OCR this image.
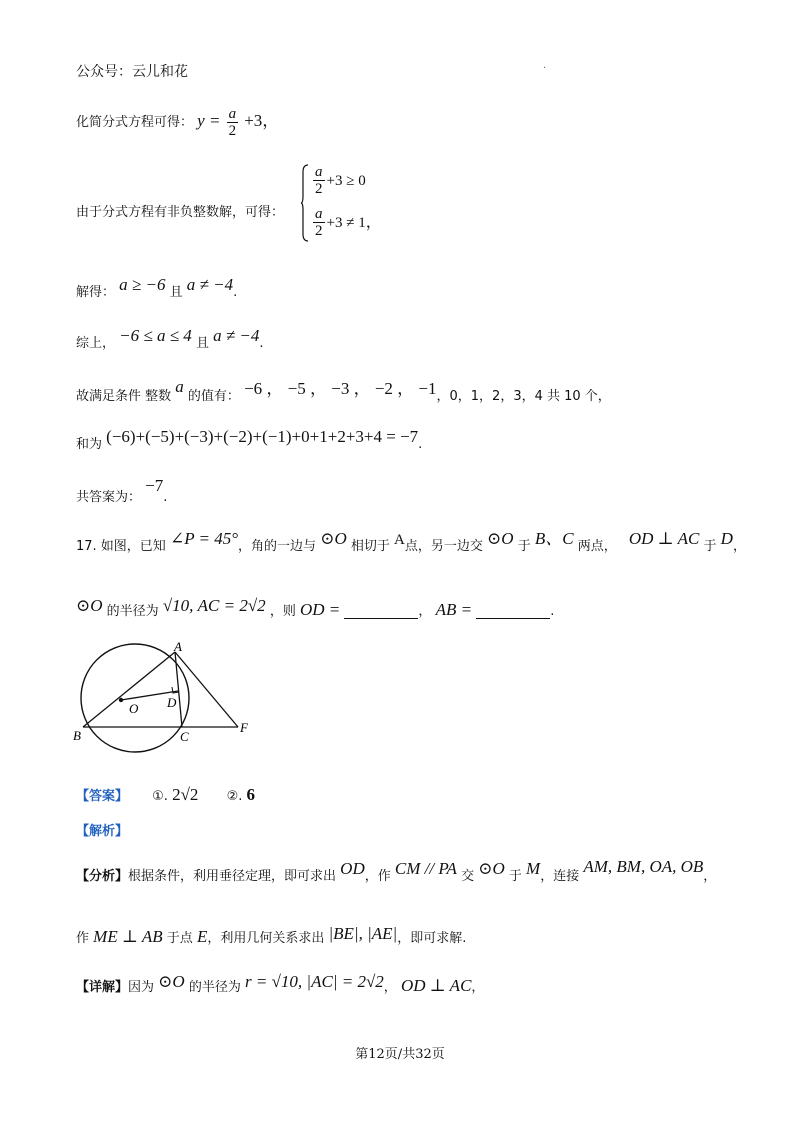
公众号：云儿和花	.
化简分式方程可得： $y = \frac{a}{2} +3$，
由于分式方程有非负整数解，可得：
$\frac{a}{2} +3 \ge 0$
$\frac{a}{2} +3 \ne 1$，
解得： a ≥ −6 且 a ≠ −4.
综上， −6 ≤ a ≤ 4 且 a ≠ −4.
故满足条件 整数 a 的值有： −6 ， −5 ， −3 ， −2 ， −1，0，1，2，3，4 共 10 个，
和为 (−6)+(−5)+(−3)+(−2)+(−1)+0+1+2+3+4 = −7.
共答案为： −7.
17. 如图，已知 ∠P = 45°，角的一边与 ⊙O 相切于 A点，另一边交 ⊙O 于 B、C 两点， OD ⊥ AC 于 D，
⊙O 的半径为 √10, AC = 2√2 ，则 OD =	， AB =	.
A
O D
B	C
F
【答案】 ①. 2√2 ②. 6
【解析】
【分析】根据条件，利用垂径定理，即可求出 OD，作 CM // PA 交 ⊙O 于 M，连接 AM, BM, OA, OB，
作 ME ⊥ AB 于点 E，利用几何关系求出 |BE|, |AE|，即可求解.
【详解】因为 ⊙O 的半径为 r = √10, |AC| = 2√2， OD ⊥ AC，
第12页/共32页
